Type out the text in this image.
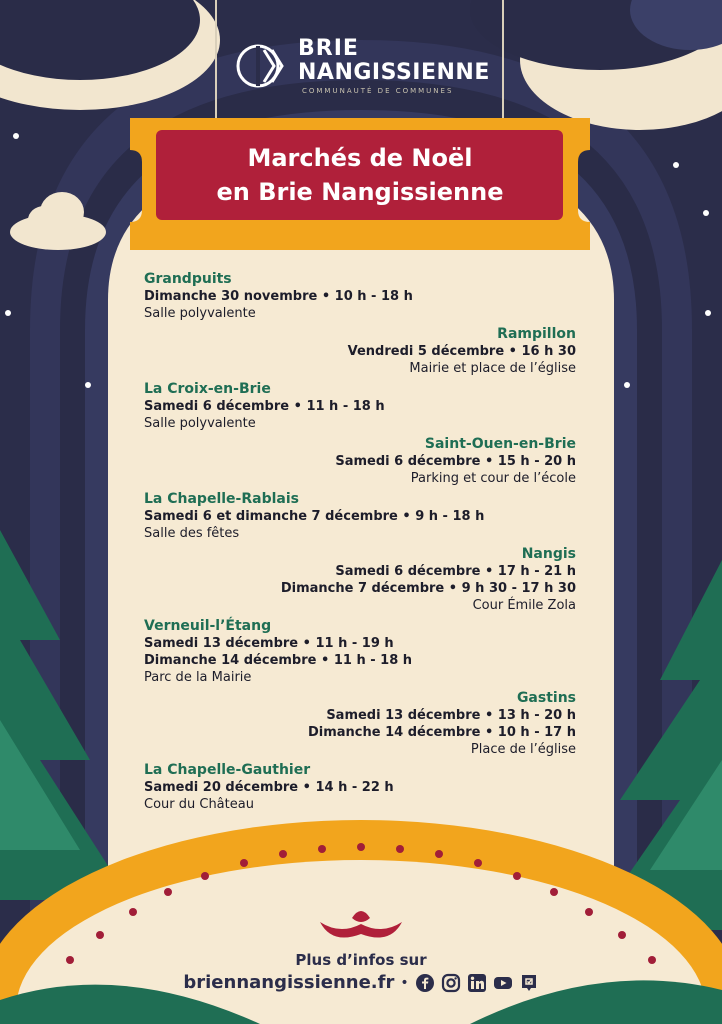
BRIE
NANGISSIENNE
COMMUNAUTÉ DE COMMUNES
Marchés de Noël
en Brie Nangissienne
Grandpuits
Dimanche 30 novembre • 10 h - 18 h
Salle polyvalente
Rampillon
Vendredi 5 décembre • 16 h 30
Mairie et place de l’église
La Croix-en-Brie
Samedi 6 décembre • 11 h - 18 h
Salle polyvalente
Saint-Ouen-en-Brie
Samedi 6 décembre • 15 h - 20 h
Parking et cour de l’école
La Chapelle-Rablais
Samedi 6 et dimanche 7 décembre • 9 h - 18 h
Salle des fêtes
Nangis
Samedi 6 décembre • 17 h - 21 h
Dimanche 7 décembre • 9 h 30 - 17 h 30
Cour Émile Zola
Verneuil-l’Étang
Samedi 13 décembre • 11 h - 19 h
Dimanche 14 décembre • 11 h - 18 h
Parc de la Mairie
Gastins
Samedi 13 décembre • 13 h - 20 h
Dimanche 14 décembre • 10 h - 17 h
Place de l’église
La Chapelle-Gauthier
Samedi 20 décembre • 14 h - 22 h
Cour du Château
Plus d’infos sur
briennangissienne.fr •
